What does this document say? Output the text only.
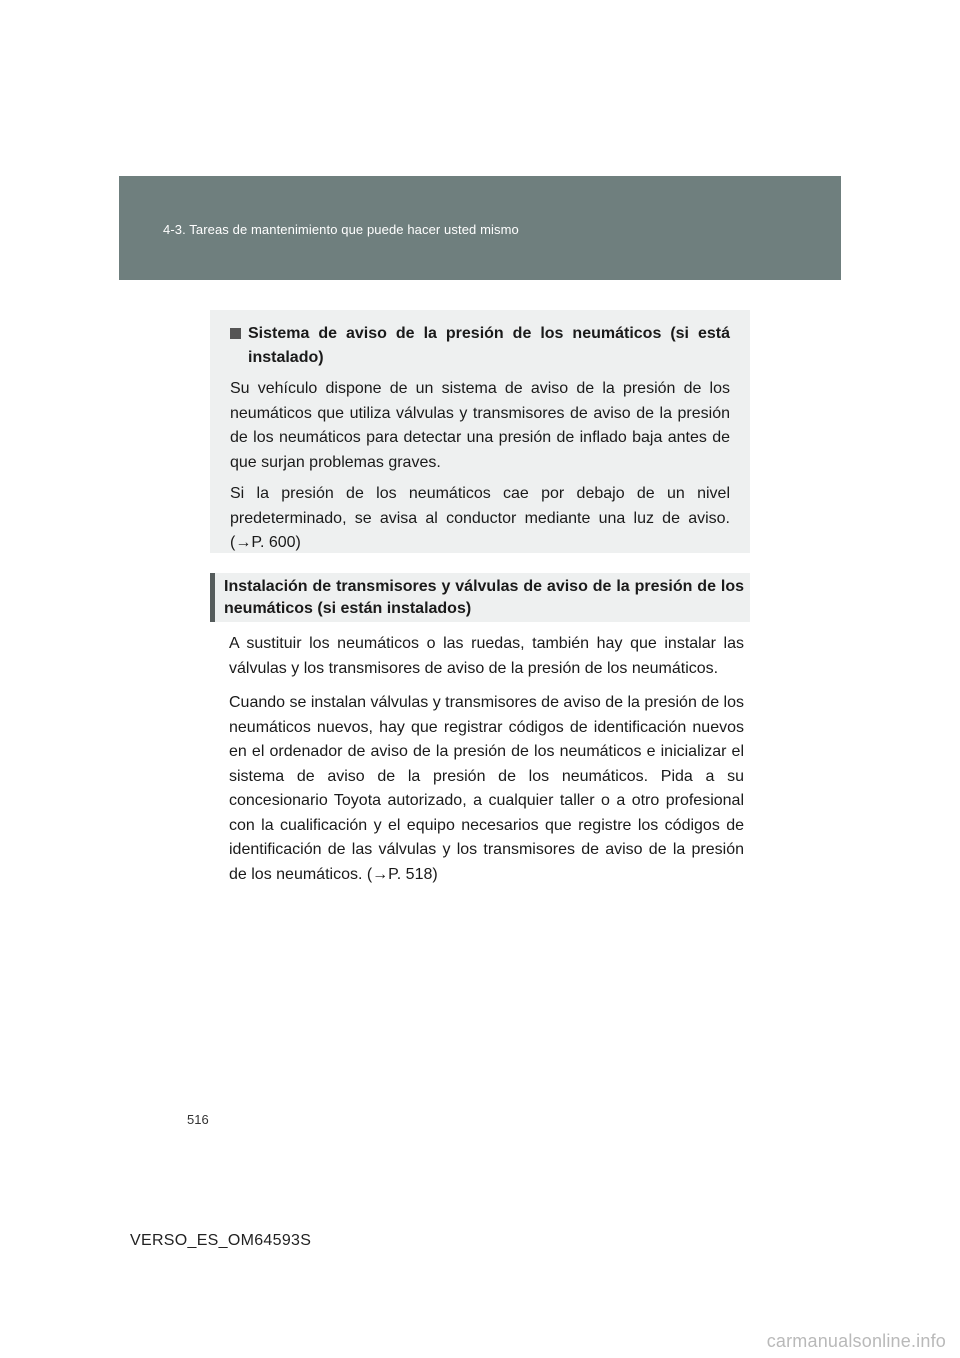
4-3. Tareas de mantenimiento que puede hacer usted mismo
Sistema de aviso de la presión de los neumáticos (si está instalado)
Su vehículo dispone de un sistema de aviso de la presión de los neumáticos que utiliza válvulas y transmisores de aviso de la presión de los neumáticos para detectar una presión de inflado baja antes de que surjan problemas graves.
Si la presión de los neumáticos cae por debajo de un nivel predeterminado, se avisa al conductor mediante una luz de aviso. (→P. 600)
Instalación de transmisores y válvulas de aviso de la presión de los neumáticos (si están instalados)

A sustituir los neumáticos o las ruedas, también hay que instalar las válvulas y los transmisores de aviso de la presión de los neumáticos.

Cuando se instalan válvulas y transmisores de aviso de la presión de los neumáticos nuevos, hay que registrar códigos de identificación nuevos en el ordenador de aviso de la presión de los neumáticos e inicializar el sistema de aviso de la presión de los neumáticos. Pida a su concesionario Toyota autorizado, a cualquier taller o a otro profesional con la cualificación y el equipo necesarios que registre los códigos de identificación de las válvulas y los transmisores de aviso de la presión de los neumáticos. (→P. 518)

516
VERSO_ES_OM64593S
carmanualsonline.info
